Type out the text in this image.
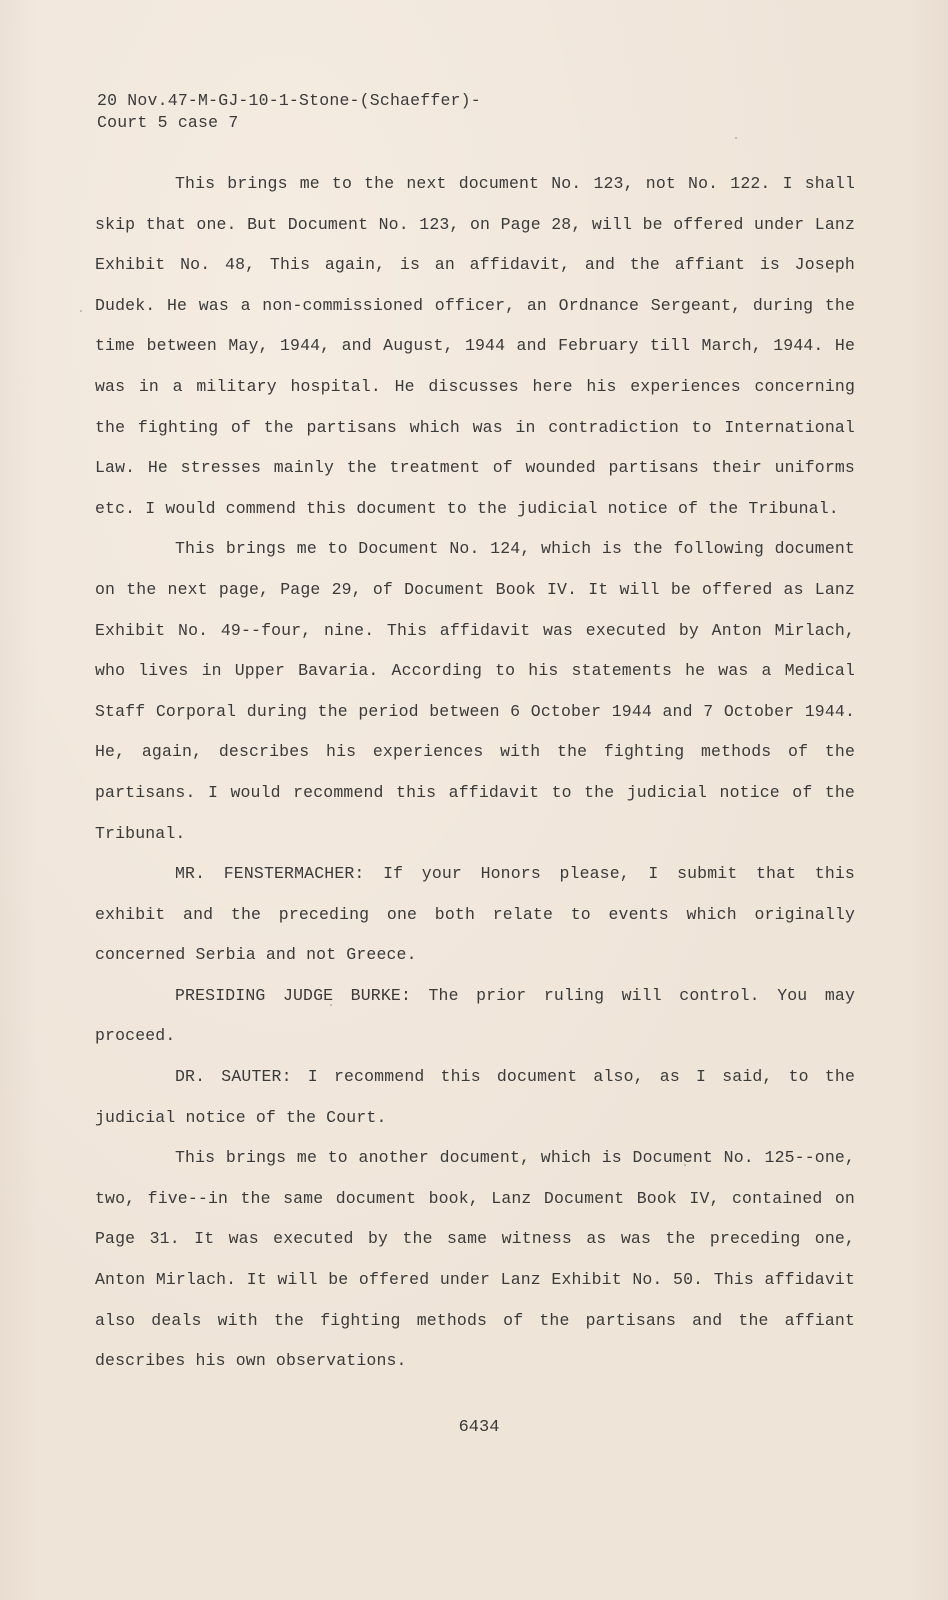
20 Nov.47-M-GJ-10-1-Stone-(Schaeffer)-
Court 5 case 7

This brings me to the next document No. 123, not No. 122. I shall skip that one. But Document No. 123, on Page 28, will be offered under Lanz Exhibit No. 48, This again, is an affidavit, and the affiant is Joseph Dudek. He was a non-commissioned officer, an Ordnance Sergeant, during the time between May, 1944, and August, 1944 and February till March, 1944. He was in a military hospital. He discusses here his experiences concerning the fighting of the partisans which was in contradiction to International Law. He stresses mainly the treatment of wounded partisans their uniforms etc. I would commend this document to the judicial notice of the Tribunal.

This brings me to Document No. 124, which is the following document on the next page, Page 29, of Document Book IV. It will be offered as Lanz Exhibit No. 49--four, nine. This affidavit was executed by Anton Mirlach, who lives in Upper Bavaria. According to his statements he was a Medical Staff Corporal during the period between 6 October 1944 and 7 October 1944. He, again, describes his experiences with the fighting methods of the partisans. I would recommend this affidavit to the judicial notice of the Tribunal.

MR. FENSTERMACHER: If your Honors please, I submit that this exhibit and the preceding one both relate to events which originally concerned Serbia and not Greece.

PRESIDING JUDGE BURKE: The prior ruling will control. You may proceed.

DR. SAUTER: I recommend this document also, as I said, to the judicial notice of the Court.

This brings me to another document, which is Document No. 125--one, two, five--in the same document book, Lanz Document Book IV, contained on Page 31. It was executed by the same witness as was the preceding one, Anton Mirlach. It will be offered under Lanz Exhibit No. 50. This affidavit also deals with the fighting methods of the partisans and the affiant describes his own observations.

6434
